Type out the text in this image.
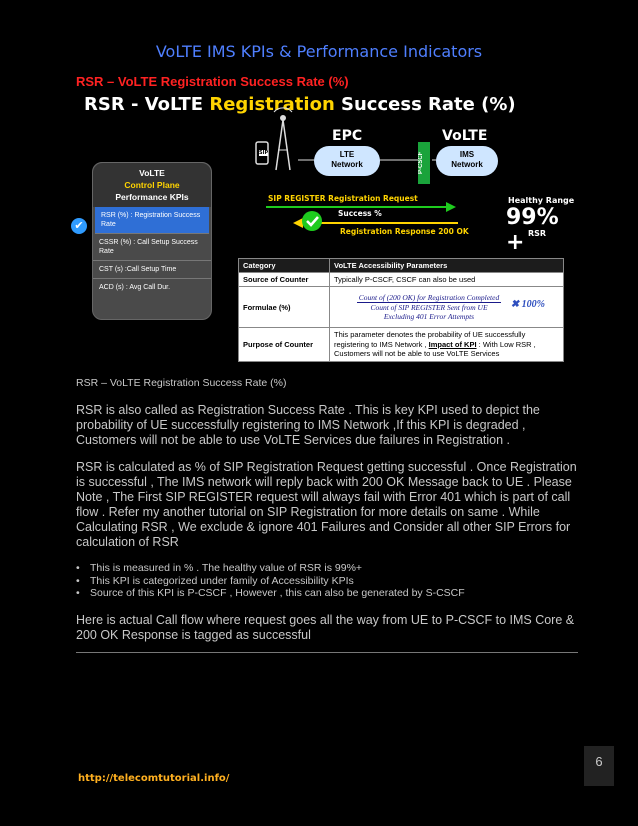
VoLTE IMS KPIs & Performance Indicators
RSR – VoLTE Registration Success Rate (%)
RSR - VoLTE Registration Success Rate (%)
VoLTE
Control Plane
Performance KPIs
RSR (%) : Registration Success Rate
CSSR (%) : Call Setup Success Rate
CST (s) :Call Setup Time
ACD (s) : Avg Call Dur.
✔
SIP
EPC	VoLTE
LTE
Network
IMS
Network
P-CSCF
SIP REGISTER Registration Request
Success %
Registration Response 200 OK
Healthy Range
99% + RSR
Category	VoLTE Accessibility Parameters
Source of Counter	Typically P-CSCF, CSCF can also be used
Formulae (%)	Count of (200 OK) for Registration Completed
Count of SIP REGISTER Sent from UE
Excluding 401 Error Attempts
✖ 100%

Purpose of Counter	This parameter denotes the probability of UE successfully registering to IMS Network , Impact of KPI : With Low RSR , Customers will not be able to use VoLTE Services
RSR – VoLTE Registration Success Rate (%)

RSR is also called as Registration Success Rate . This is key KPI used to depict the probability of UE successfully registering to IMS Network ,If this KPI is degraded , Customers will not be able to use VoLTE Services due failures in Registration .

RSR is calculated as % of SIP Registration Request getting successful . Once Registration is successful , The IMS network will reply back with 200 OK Message back to UE . Please Note , The First SIP REGISTER request will always fail with Error 401 which is part of call flow . Refer my another tutorial on SIP Registration for more details on same . While Calculating RSR , We exclude & ignore 401 Failures and Consider all other SIP Errors for calculation of RSR

• This is measured in % . The healthy value of RSR is 99%+
• This KPI is categorized under family of Accessibility KPIs
• Source of this KPI is P-CSCF , However , this can also be generated by S-CSCF

Here is actual Call flow where request goes all the way from UE to P-CSCF to IMS Core & 200 OK Response is tagged as successful

6
http://telecomtutorial.info/
